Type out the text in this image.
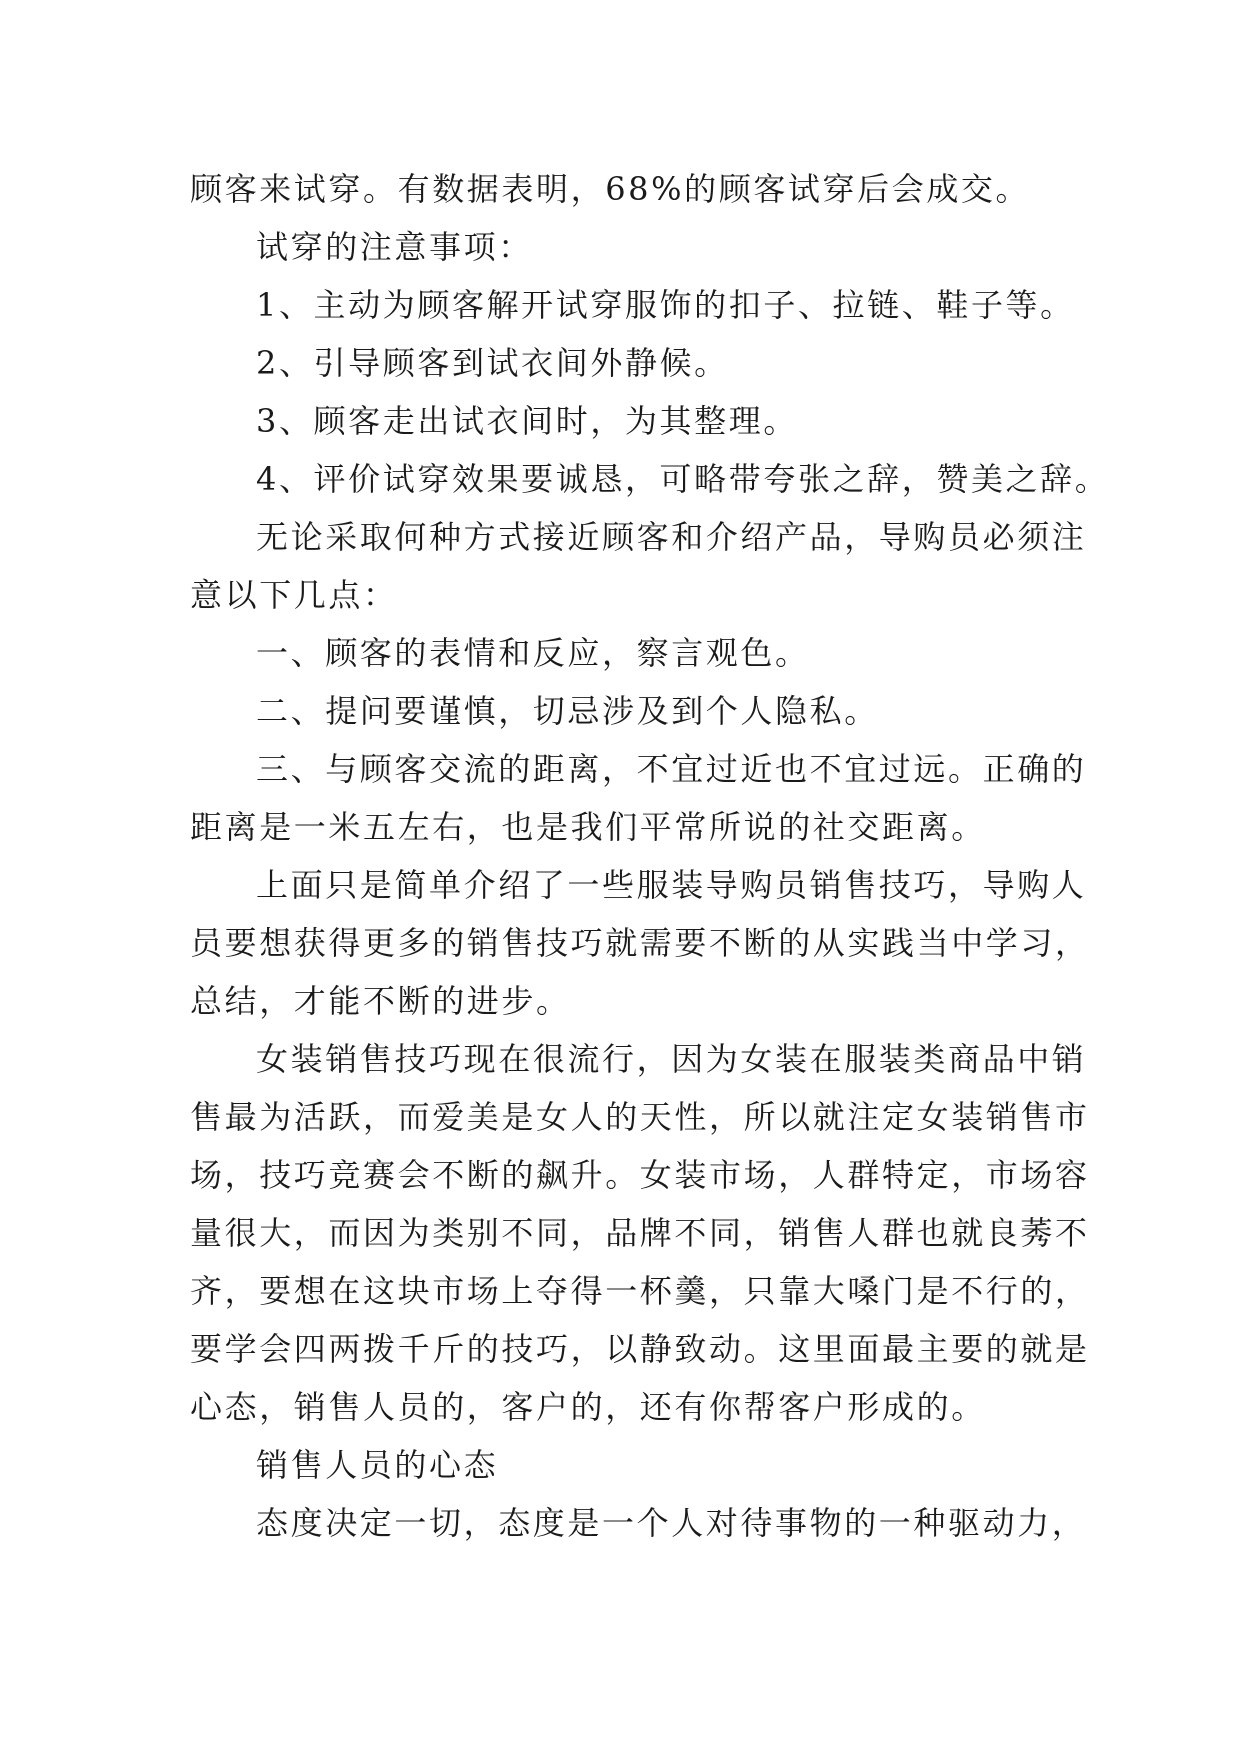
顾客来试穿。有数据表明，68%的顾客试穿后会成交。
试穿的注意事项：
1、主动为顾客解开试穿服饰的扣子、拉链、鞋子等。
2、引导顾客到试衣间外静候。
3、顾客走出试衣间时，为其整理。
4、评价试穿效果要诚恳，可略带夸张之辞，赞美之辞。
无论采取何种方式接近顾客和介绍产品，导购员必须注
意以下几点：
一、顾客的表情和反应，察言观色。
二、提问要谨慎，切忌涉及到个人隐私。
三、与顾客交流的距离，不宜过近也不宜过远。正确的
距离是一米五左右，也是我们平常所说的社交距离。
上面只是简单介绍了一些服装导购员销售技巧，导购人
员要想获得更多的销售技巧就需要不断的从实践当中学习，
总结，才能不断的进步。
女装销售技巧现在很流行，因为女装在服装类商品中销
售最为活跃，而爱美是女人的天性，所以就注定女装销售市
场，技巧竞赛会不断的飙升。女装市场，人群特定，市场容
量很大，而因为类别不同，品牌不同，销售人群也就良莠不
齐，要想在这块市场上夺得一杯羹，只靠大嗓门是不行的，
要学会四两拨千斤的技巧，以静致动。这里面最主要的就是
心态，销售人员的，客户的，还有你帮客户形成的。
销售人员的心态
态度决定一切，态度是一个人对待事物的一种驱动力，
